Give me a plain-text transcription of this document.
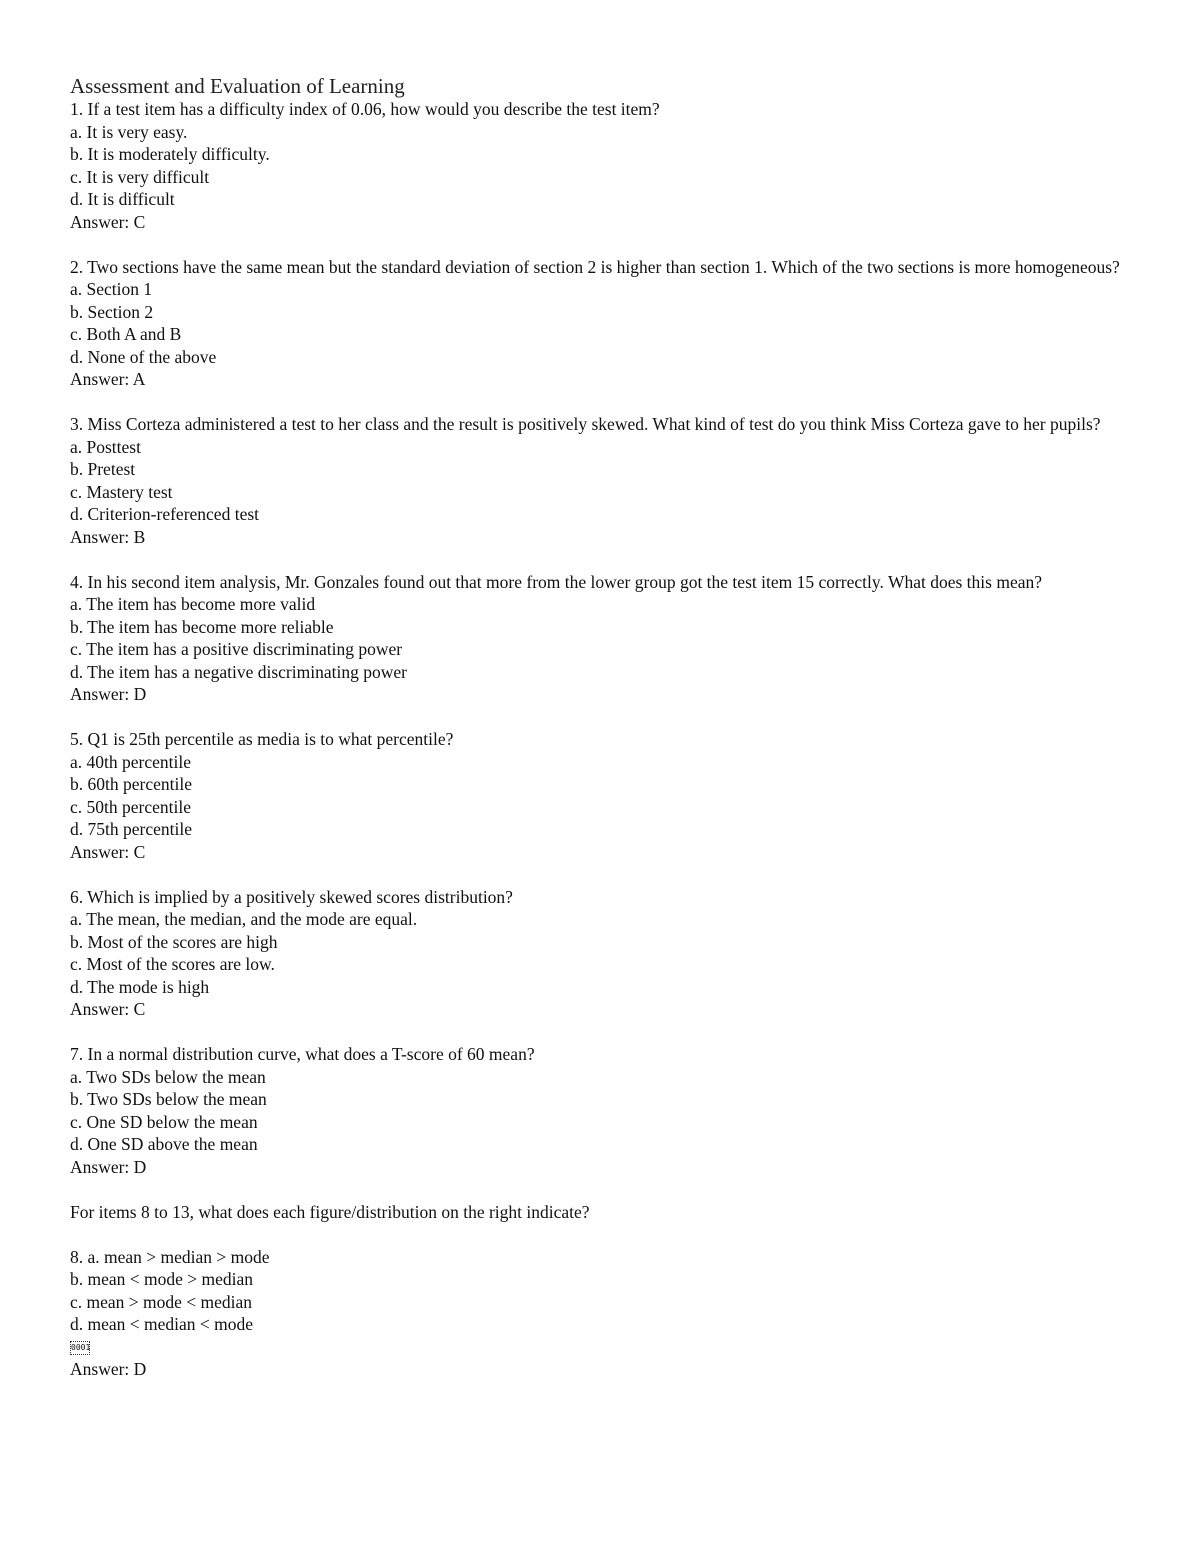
Assessment and Evaluation of Learning
1. If a test item has a difficulty index of 0.06, how would you describe the test item?
a. It is very easy.
b. It is moderately difficulty.
c. It is very difficult
d. It is difficult
Answer: C
2. Two sections have the same mean but the standard deviation of section 2 is higher than section 1. Which of the two sections is more homogeneous?
a. Section 1
b. Section 2
c. Both A and B
d. None of the above
Answer: A
3. Miss Corteza administered a test to her class and the result is positively skewed. What kind of test do you think Miss Corteza gave to her pupils?
a. Posttest
b. Pretest
c. Mastery test
d. Criterion-referenced test
Answer: B
4. In his second item analysis, Mr. Gonzales found out that more from the lower group got the test item 15 correctly. What does this mean?
a. The item has become more valid
b. The item has become more reliable
c. The item has a positive discriminating power
d. The item has a negative discriminating power
Answer: D
5. Q1 is 25th percentile as media is to what percentile?
a. 40th percentile
b. 60th percentile
c. 50th percentile
d. 75th percentile
Answer: C
6. Which is implied by a positively skewed scores distribution?
a. The mean, the median, and the mode are equal.
b. Most of the scores are high
c. Most of the scores are low.
d. The mode is high
Answer: C
7. In a normal distribution curve, what does a T-score of 60 mean?
a. Two SDs below the mean
b. Two SDs below the mean
c. One SD below the mean
d. One SD above the mean
Answer: D
For items 8 to 13, what does each figure/distribution on the right indicate?
8. a. mean > median > mode
b. mean < mode > median
c. mean > mode < median
d. mean < median < mode
0001
Answer: D
